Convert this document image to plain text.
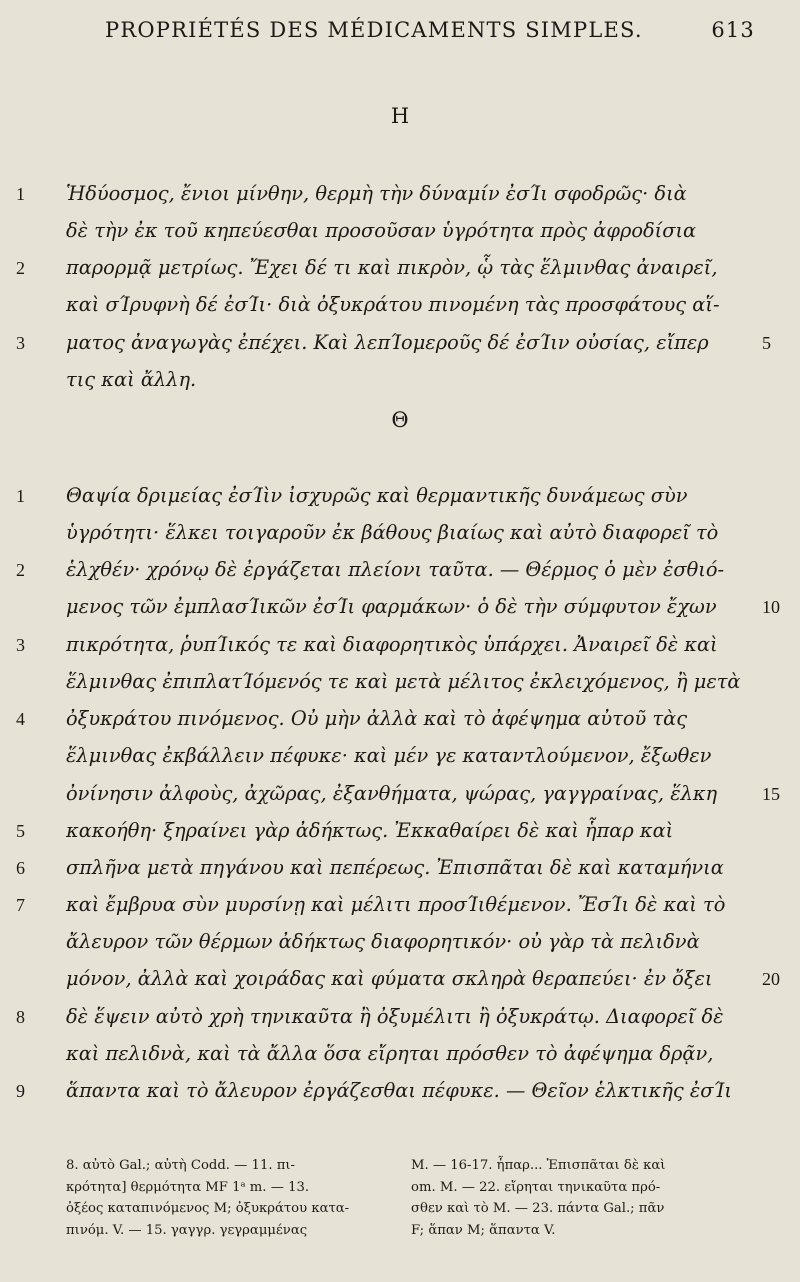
PROPRIÉTÉS DES MÉDICAMENTS SIMPLES.	613
Η
1	Ἡδύοσμος, ἔνιοι μίνθην, θερμὴ τὴν δύναμίν ἐσΊι σφοδρῶς· διὰ
δὲ τὴν ἐκ τοῦ κηπεύεσθαι προσοῦσαν ὑγρότητα πρὸς ἀφροδίσια
2	παρορμᾷ μετρίως. Ἔχει δέ τι καὶ πικρὸν, ᾧ τὰς ἕλμινθας ἀναιρεῖ,
καὶ σΊρυφνὴ δέ ἐσΊι· διὰ ὀξυκράτου πινομένη τὰς προσφάτους αἵ-
3	ματος ἀναγωγὰς ἐπέχει. Καὶ λεπΊομεροῦς δέ ἐσΊιν οὐσίας, εἴπερ	5
τις καὶ ἄλλη.
Θ
1	Θαψία δριμείας ἐσΊὶν ἰσχυρῶς καὶ θερμαντικῆς δυνάμεως σὺν
ὑγρότητι· ἕλκει τοιγαροῦν ἐκ βάθους βιαίως καὶ αὐτὸ διαφορεῖ τὸ
2	ἑλχθέν· χρόνῳ δὲ ἐργάζεται πλείονι ταῦτα. — Θέρμος ὁ μὲν ἐσθιό-
μενος τῶν ἐμπλασΊικῶν ἐσΊι φαρμάκων· ὁ δὲ τὴν σύμφυτον ἔχων	10
3	πικρότητα, ῥυπΊικός τε καὶ διαφορητικὸς ὑπάρχει. Ἀναιρεῖ δὲ καὶ
ἕλμινθας ἐπιπλατΊόμενός τε καὶ μετὰ μέλιτος ἐκλειχόμενος, ἢ μετὰ
4	ὀξυκράτου πινόμενος. Οὐ μὴν ἀλλὰ καὶ τὸ ἀφέψημα αὐτοῦ τὰς
ἕλμινθας ἐκβάλλειν πέφυκε· καὶ μέν γε καταντλούμενον, ἔξωθεν
ὀνίνησιν ἀλφοὺς, ἀχῶρας, ἐξανθήματα, ψώρας, γαγγραίνας, ἕλκη	15
5	κακοήθη· ξηραίνει γὰρ ἀδήκτως. Ἐκκαθαίρει δὲ καὶ ἧπαρ καὶ
6	σπλῆνα μετὰ πηγάνου καὶ πεπέρεως. Ἐπισπᾶται δὲ καὶ καταμήνια
7	καὶ ἔμβρυα σὺν μυρσίνῃ καὶ μέλιτι προσΊιθέμενον. ἜσΊι δὲ καὶ τὸ
ἄλευρον τῶν θέρμων ἀδήκτως διαφορητικόν· οὐ γὰρ τὰ πελιδνὰ
μόνον, ἀλλὰ καὶ χοιράδας καὶ φύματα σκληρὰ θεραπεύει· ἐν ὄξει	20
8	δὲ ἕψειν αὐτὸ χρὴ τηνικαῦτα ἢ ὀξυμέλιτι ἢ ὀξυκράτῳ. Διαφορεῖ δὲ
καὶ πελιδνὰ, καὶ τὰ ἄλλα ὅσα εἴρηται πρόσθεν τὸ ἀφέψημα δρᾷν,
9	ἅπαντα καὶ τὸ ἄλευρον ἐργάζεσθαι πέφυκε. — Θεῖον ἑλκτικῆς ἐσΊι
8. αὐτὸ Gal.; αὐτὴ Codd. — 11. πι-
κρότητα] θερμότητα MF 1ᵃ m. — 13.
ὀξέος καταπινόμενος M; ὀξυκράτου κατα-
πινόμ. V. — 15. γαγγρ. γεγραμμένας
M. — 16-17. ἧπαρ... Ἐπισπᾶται δὲ καὶ
om. M. — 22. εἴρηται τηνικαῦτα πρό-
σθεν καὶ τὸ M. — 23. πάντα Gal.; πᾶν
F; ἅπαν M; ἅπαντα V.
